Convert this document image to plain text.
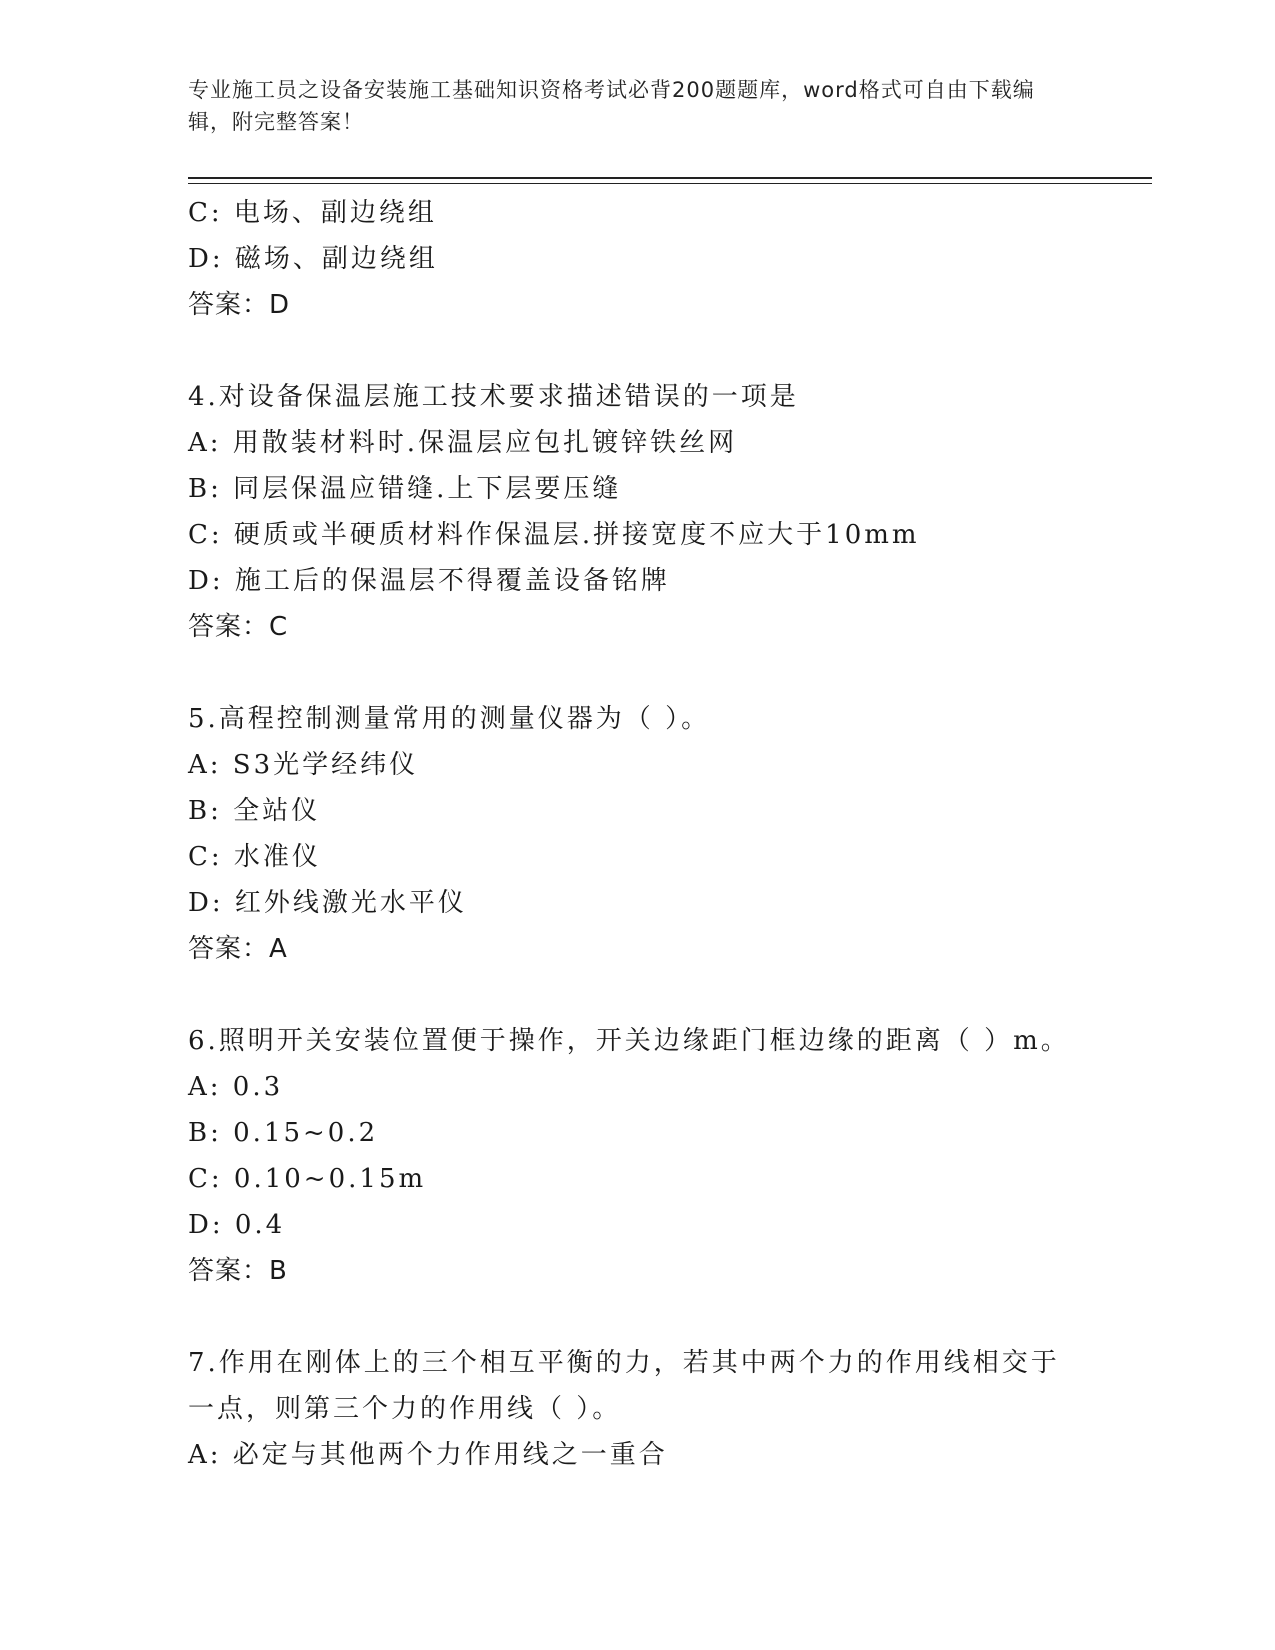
专业施工员之设备安装施工基础知识资格考试必背200题题库，word格式可自由下载编辑，附完整答案！
C: 电场、副边绕组
D: 磁场、副边绕组
答案：D
4.对设备保温层施工技术要求描述错误的一项是
A: 用散装材料时.保温层应包扎镀锌铁丝网
B: 同层保温应错缝.上下层要压缝
C: 硬质或半硬质材料作保温层.拼接宽度不应大于10mm
D: 施工后的保温层不得覆盖设备铭牌
答案：C
5.高程控制测量常用的测量仪器为（ ）。
A: S3光学经纬仪
B: 全站仪
C: 水准仪
D: 红外线激光水平仪
答案：A
6.照明开关安装位置便于操作，开关边缘距门框边缘的距离（ ）m。
A: 0.3
B: 0.15~0.2
C: 0.10~0.15m
D: 0.4
答案：B
7.作用在刚体上的三个相互平衡的力，若其中两个力的作用线相交于一点，则第三个力的作用线（ ）。
A: 必定与其他两个力作用线之一重合
